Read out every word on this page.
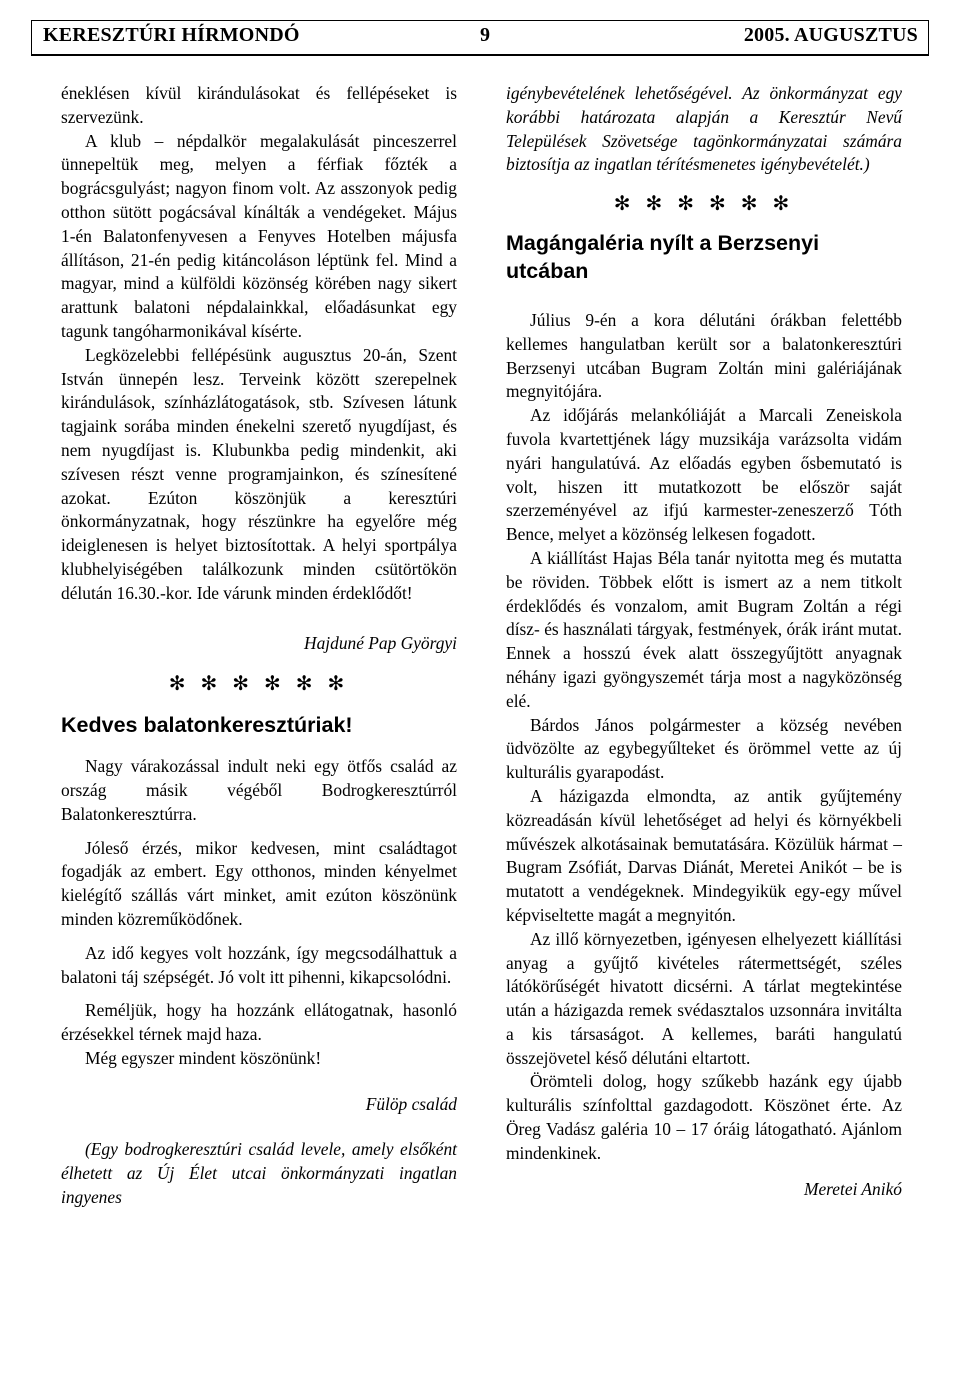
KERESZTÚRI HÍRMONDÓ	9	2005. AUGUSZTUS

éneklésen kívül kirándulásokat és fellépéseket is szervezünk.

A klub – népdalkör megalakulását pinceszerrel ünnepeltük meg, melyen a férfiak főzték a bográcsgulyást; nagyon finom volt. Az asszonyok pedig otthon sütött pogácsával kínálták a vendégeket. Május 1-én Balatonfenyvesen a Fenyves Hotelben májusfa állításon, 21-én pedig kitáncoláson léptünk fel. Mind a magyar, mind a külföldi közönség körében nagy sikert arattunk balatoni népdalainkkal, előadásunkat egy tagunk tangóharmonikával kísérte.

Legközelebbi fellépésünk augusztus 20-án, Szent István ünnepén lesz. Terveink között szerepelnek kirándulások, színházlátogatások, stb. Szívesen látunk tagjaink sorába minden énekelni szerető nyugdíjast, és nem nyugdíjast is. Klubunkba pedig mindenkit, aki szívesen részt venne programjainkon, és színesítené azokat. Ezúton köszönjük a keresztúri önkormányzatnak, hogy részünkre ha egyelőre még ideiglenesen is helyet biztosítottak. A helyi sportpálya klubhelyiségében találkozunk minden csütörtökön délután 16.30.-kor. Ide várunk minden érdeklődőt!

Hajduné Pap Györgyi

✻ ✻ ✻ ✻ ✻ ✻
Kedves balatonkeresztúriak!

Nagy várakozással indult neki egy ötfős család az ország másik végéből Bodrogkeresztúrról Balatonkeresztúrra.

Jóleső érzés, mikor kedvesen, mint családtagot fogadják az embert. Egy otthonos, minden kényelmet kielégítő szállás várt minket, amit ezúton köszönünk minden közreműködőnek.

Az idő kegyes volt hozzánk, így megcsodálhattuk a balatoni táj szépségét. Jó volt itt pihenni, kikapcsolódni.

Reméljük, hogy ha hozzánk ellátogatnak, hasonló érzésekkel térnek majd haza.

Még egyszer mindent köszönünk!

Fülöp család

(Egy bodrogkeresztúri család levele, amely elsőként élhetett az Új Élet utcai önkormányzati ingatlan ingyenes

igénybevételének lehetőségével. Az önkormányzat egy korábbi határozata alapján a Keresztúr Nevű Települések Szövetsége tagönkormányzatai számára biztosítja az ingatlan térítésmenetes igénybevételét.)

✻ ✻ ✻ ✻ ✻ ✻
Magángaléria nyílt a Berzsenyi utcában

Július 9-én a kora délutáni órákban felettébb kellemes hangulatban került sor a balatonkeresztúri Berzsenyi utcában Bugram Zoltán mini galériájának megnyitójára.

Az időjárás melankóliáját a Marcali Zeneiskola fuvola kvartettjének lágy muzsikája varázsolta vidám nyári hangulatúvá. Az előadás egyben ősbemutató is volt, hiszen itt mutatkozott be először saját szerzeményével az ifjú karmester-zeneszerző Tóth Bence, melyet a közönség lelkesen fogadott.

A kiállítást Hajas Béla tanár nyitotta meg és mutatta be röviden. Többek előtt is ismert az a nem titkolt érdeklődés és vonzalom, amit Bugram Zoltán a régi dísz- és használati tárgyak, festmények, órák iránt mutat. Ennek a hosszú évek alatt összegyűjtött anyagnak néhány igazi gyöngyszemét tárja most a nagyközönség elé.

Bárdos János polgármester a község nevében üdvözölte az egybegyűlteket és örömmel vette az új kulturális gyarapodást.

A házigazda elmondta, az antik gyűjtemény közreadásán kívül lehetőséget ad helyi és környékbeli művészek alkotásainak bemutatására. Közülük hármat – Bugram Zsófiát, Darvas Diánát, Meretei Anikót – be is mutatott a vendégeknek. Mindegyikük egy-egy művel képviseltette magát a megnyitón.

Az illő környezetben, igényesen elhelyezett kiállítási anyag a gyűjtő kivételes rátermettségét, széles látókörűségét hivatott dicsérni. A tárlat megtekintése után a házigazda remek svédasztalos uzsonnára invitálta a kis társaságot. A kellemes, baráti hangulatú összejövetel késő délutáni eltartott.

Örömteli dolog, hogy szűkebb hazánk egy újabb kulturális színfolttal gazdagodott. Köszönet érte. Az Öreg Vadász galéria 10 – 17 óráig látogatható. Ajánlom mindenkinek.

Meretei Anikó
